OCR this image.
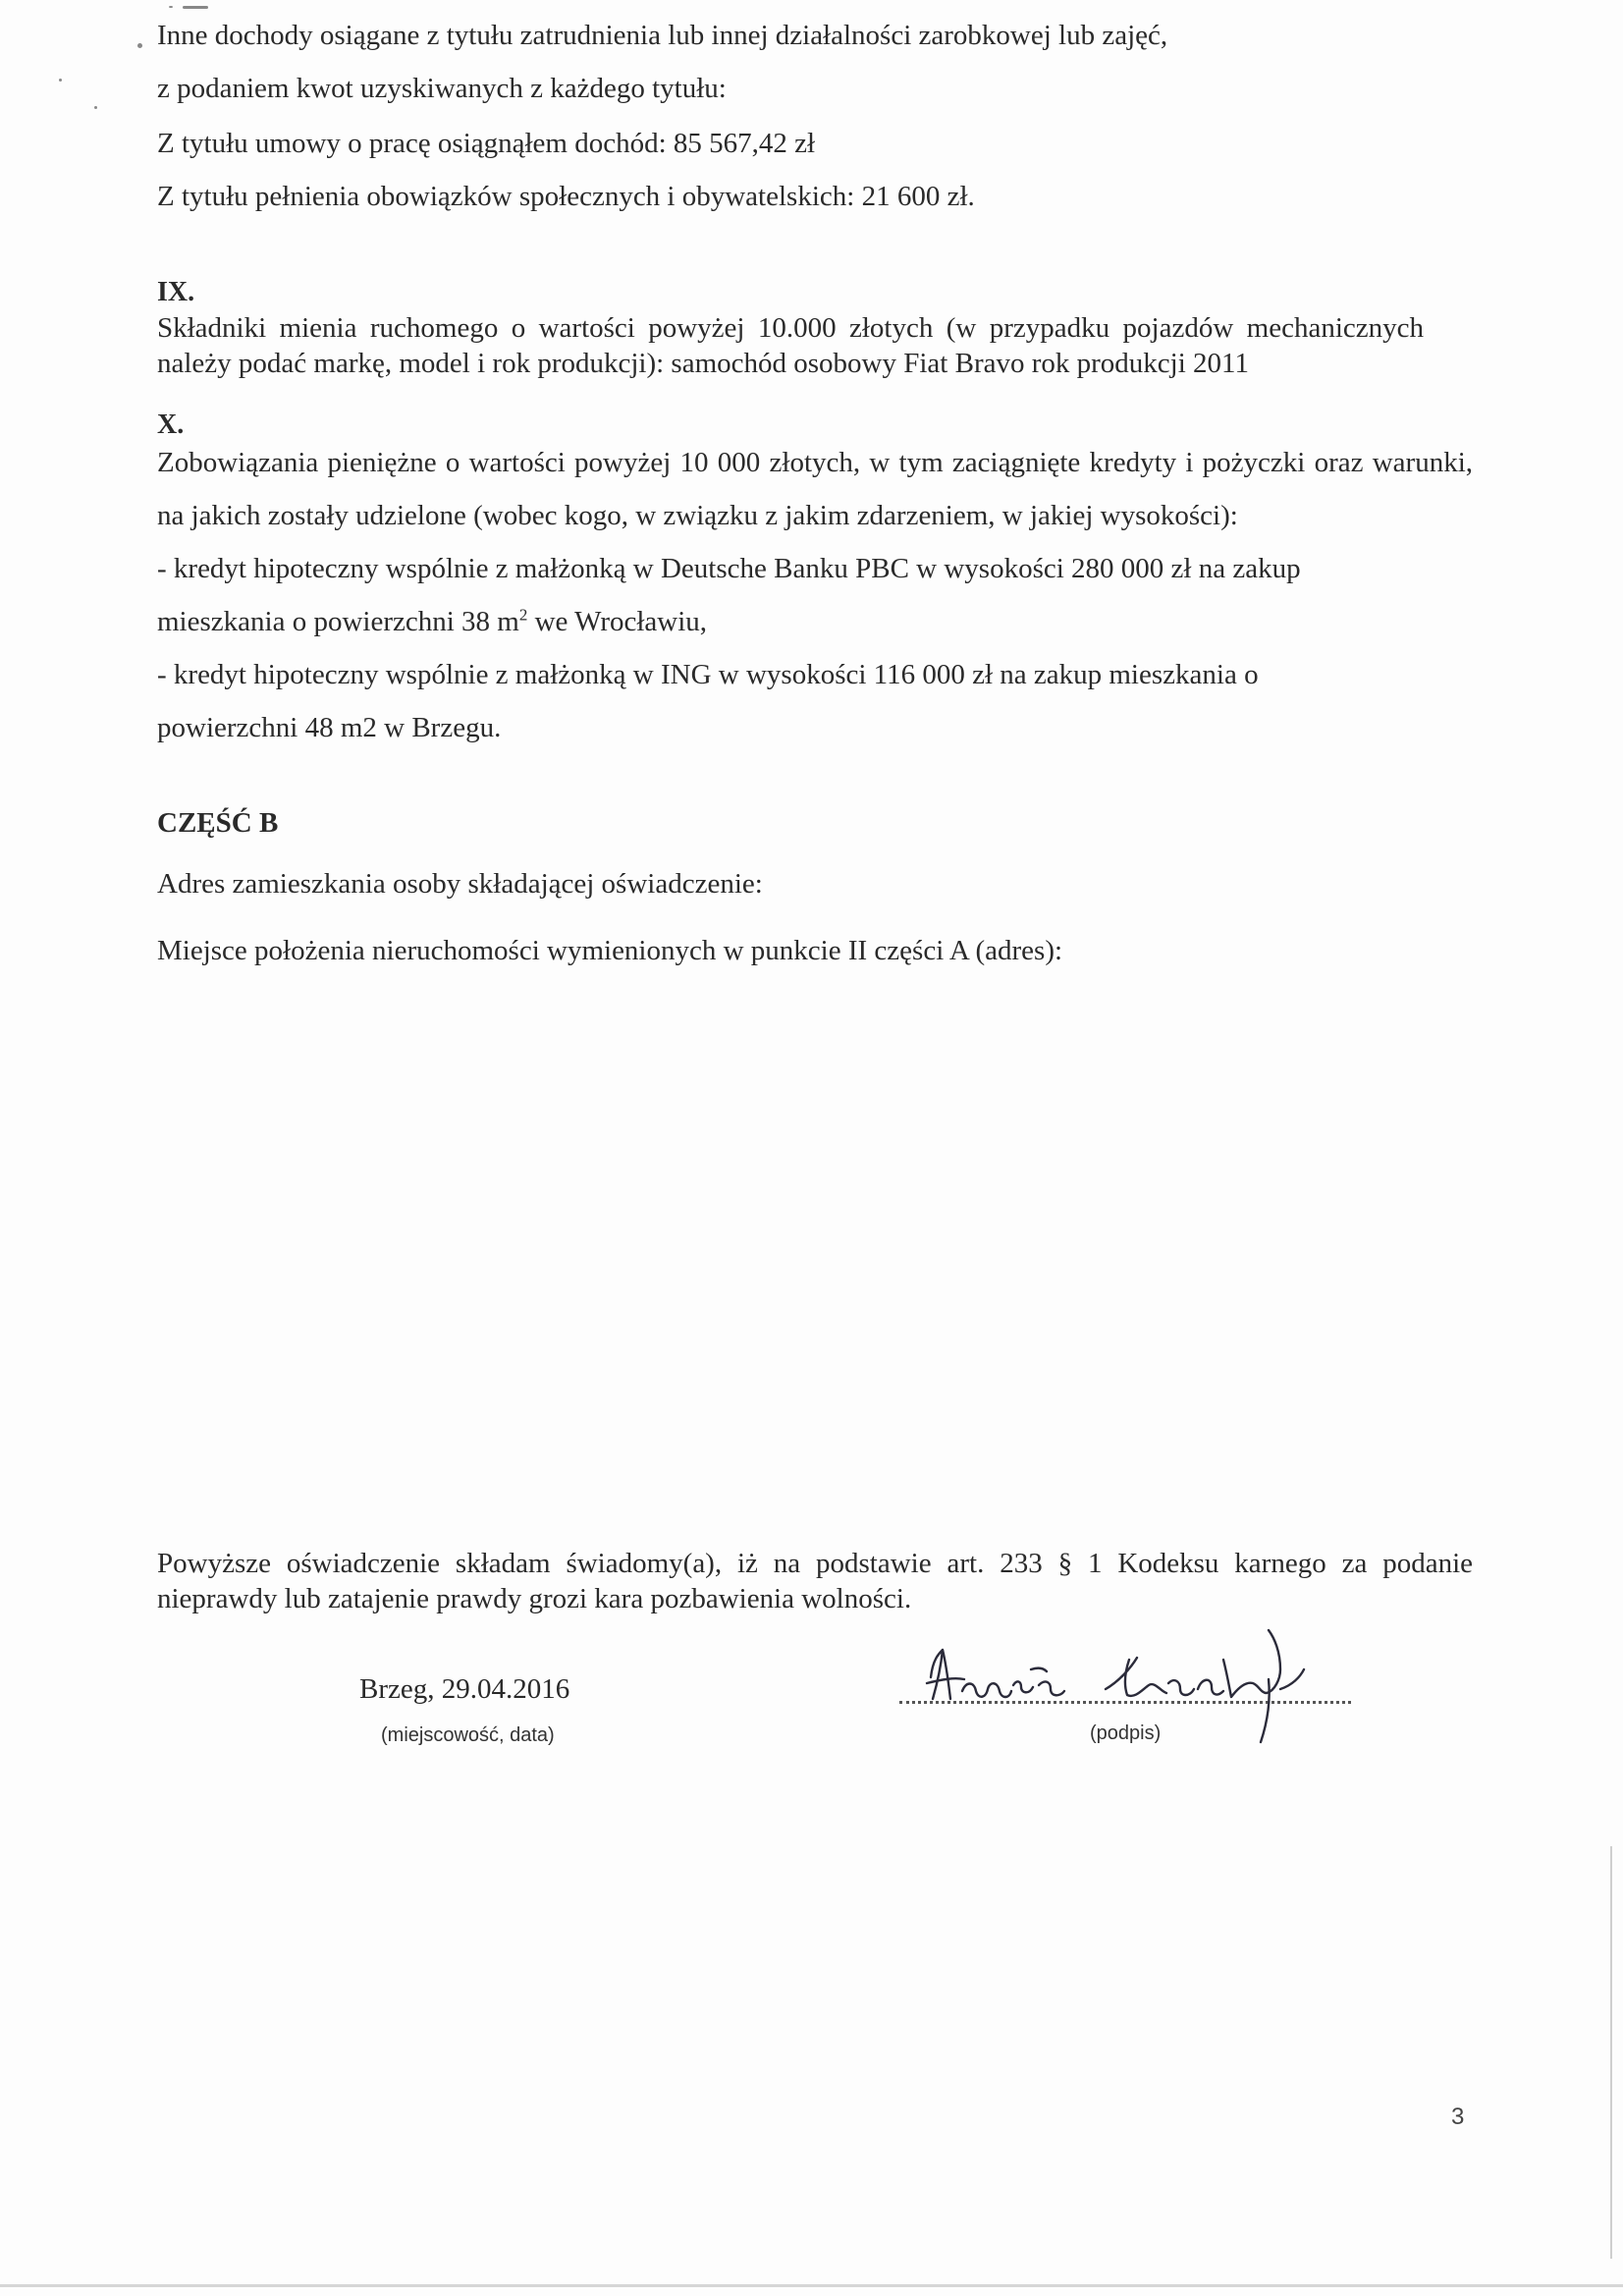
Inne dochody osiągane z tytułu zatrudnienia lub innej działalności zarobkowej lub zajęć,

z podaniem kwot uzyskiwanych z każdego tytułu:

Z tytułu umowy o pracę osiągnąłem dochód: 85 567,42 zł

Z tytułu pełnienia obowiązków społecznych i obywatelskich: 21 600 zł.

IX.

Składniki mienia ruchomego o wartości powyżej 10.000 złotych (w przypadku pojazdów mechanicznych należy podać markę, model i rok produkcji): samochód osobowy Fiat Bravo rok produkcji 2011

X.

Zobowiązania pieniężne o wartości powyżej 10 000 złotych, w tym zaciągnięte kredyty i pożyczki oraz warunki, na jakich zostały udzielone (wobec kogo, w związku z jakim zdarzeniem, w jakiej wysokości):

- kredyt hipoteczny wspólnie z małżonką w Deutsche Banku PBC w wysokości 280 000 zł na zakup

mieszkania o powierzchni 38 $m^2$ we Wrocławiu,

- kredyt hipoteczny wspólnie z małżonką w ING w wysokości 116 000 zł na zakup mieszkania o

powierzchni 48 m2 w Brzegu.

CZĘŚĆ B

Adres zamieszkania osoby składającej oświadczenie:

Miejsce położenia nieruchomości wymienionych w punkcie II części A (adres):

Powyższe oświadczenie składam świadomy(a), iż na podstawie art. 233 § 1 Kodeksu karnego za podanie nieprawdy lub zatajenie prawdy grozi kara pozbawienia wolności.

Brzeg, 29.04.2016
(miejscowość, data)	(podpis)
3
